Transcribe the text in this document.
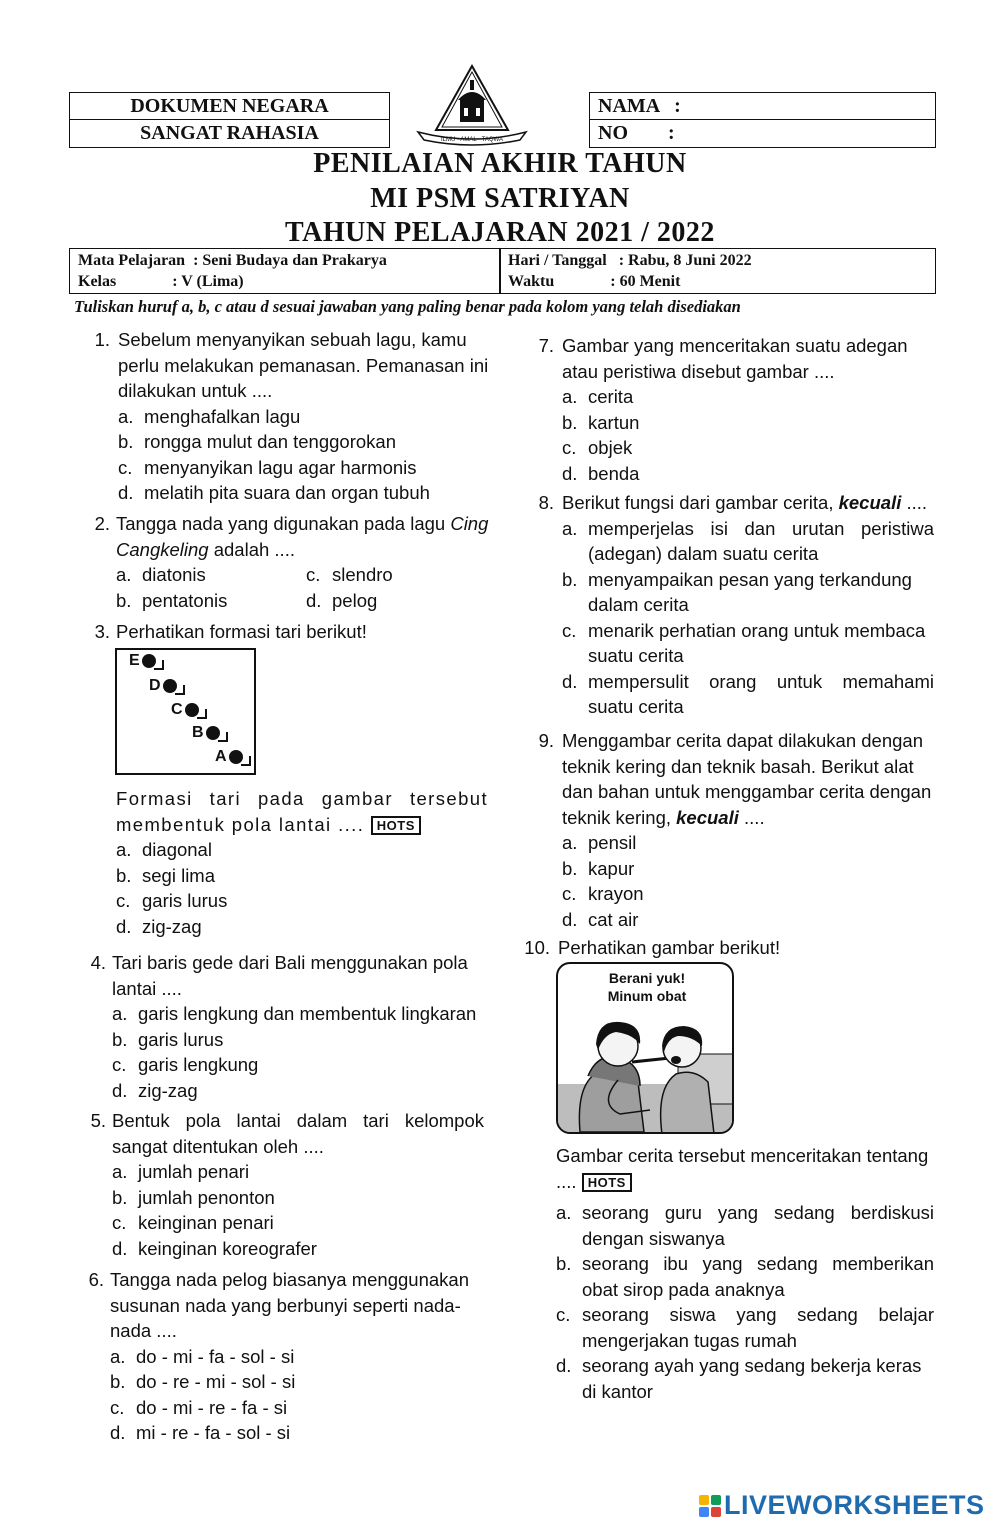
DOKUMEN NEGARA
SANGAT RAHASIA
NAMA   :
NO        :
ILMU - AMAL - TAQWA
PENILAIAN AKHIR TAHUN
MI PSM SATRIYAN
TAHUN PELAJARAN 2021 / 2022
Mata Pelajaran  : Seni Budaya dan Prakarya
Kelas              : V (Lima)
Hari / Tanggal   : Rabu, 8 Juni 2022
Waktu              : 60 Menit
Tuliskan huruf a, b, c atau d sesuai jawaban yang paling benar pada kolom yang telah disediakan
1. Sebelum menyanyikan sebuah lagu, kamu perlu melakukan pemanasan. Pemanasan ini dilakukan untuk ....
a. menghafalkan lagu
b. rongga mulut dan tenggorokan
c. menyanyikan lagu agar harmonis
d. melatih pita suara dan organ tubuh
2. Tangga nada yang digunakan pada lagu Cing Cangkeling adalah ....
a. diatonis	c. slendro
b. pentatonis	d. pelog
3. Perhatikan formasi tari berikut!
E
D
C
B
A
Formasi tari pada gambar tersebut membentuk pola lantai .... HOTS
a. diagonal
b. segi lima
c. garis lurus
d. zig-zag
4. Tari baris gede dari Bali menggunakan pola lantai ....
a. garis lengkung dan membentuk lingkaran
b. garis lurus
c. garis lengkung
d. zig-zag
5. Bentuk pola lantai dalam tari kelompok sangat ditentukan oleh ....
a. jumlah penari
b. jumlah penonton
c. keinginan penari
d. keinginan koreografer
6. Tangga nada pelog biasanya menggunakan susunan nada yang berbunyi seperti nada-nada ....
a. do - mi - fa - sol - si
b. do - re - mi - sol - si
c. do - mi - re - fa - si
d. mi - re - fa - sol - si
7. Gambar yang menceritakan suatu adegan atau peristiwa disebut gambar ....
a. cerita
b. kartun
c. objek
d. benda
8. Berikut fungsi dari gambar cerita, kecuali ....
a. memperjelas isi dan urutan peristiwa (adegan) dalam suatu cerita
b. menyampaikan pesan yang terkandung dalam cerita
c. menarik perhatian orang untuk membaca suatu cerita
d. mempersulit orang untuk memahami suatu cerita
9. Menggambar cerita dapat dilakukan dengan teknik kering dan teknik basah. Berikut alat dan bahan untuk menggambar cerita dengan teknik kering, kecuali ....
a. pensil
b. kapur
c. krayon
d. cat air
10. Perhatikan gambar berikut!
Berani yuk!
Minum obat
Gambar cerita tersebut menceritakan tentang .... HOTS
a. seorang guru yang sedang berdiskusi dengan siswanya
b. seorang ibu yang sedang memberikan obat sirop pada anaknya
c. seorang siswa yang sedang belajar mengerjakan tugas rumah
d. seorang ayah yang sedang bekerja keras di kantor
LIVEWORKSHEETS
